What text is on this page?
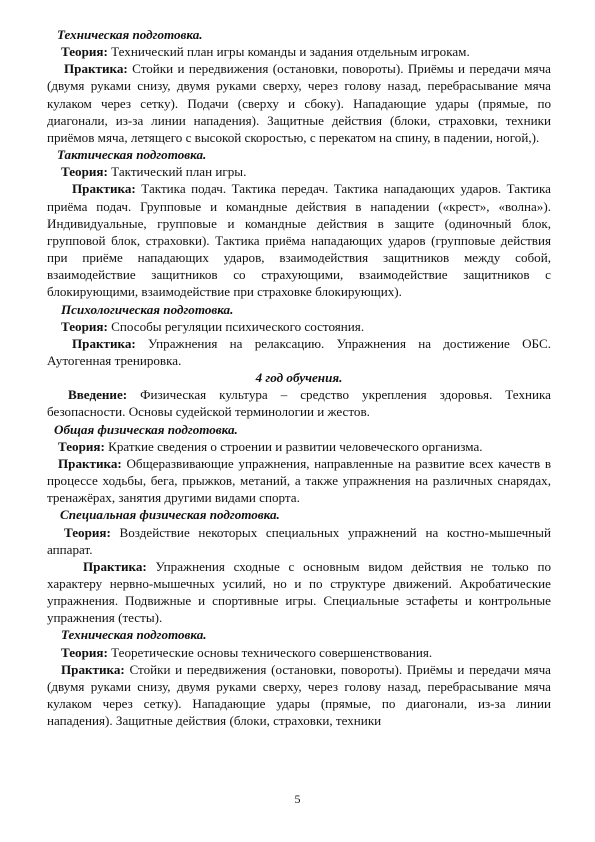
Техническая подготовка.

Теория: Технический план игры команды и задания отдельным игрокам.

Практика: Стойки и передвижения (остановки, повороты). Приёмы и передачи мяча (двумя руками снизу, двумя руками сверху, через голову назад, перебрасывание мяча кулаком через сетку). Подачи (сверху и сбоку). Нападающие удары (прямые, по диагонали, из-за линии нападения). Защитные действия (блоки, страховки, техники приёмов мяча, летящего с высокой скоростью, с перекатом на спину, в падении, ногой,).

Тактическая подготовка.

Теория: Тактический план игры.

Практика: Тактика подач. Тактика передач. Тактика нападающих ударов. Тактика приёма подач. Групповые и командные действия в нападении («крест», «волна»). Индивидуальные, групповые и командные действия в защите (одиночный блок, групповой блок, страховки). Тактика приёма нападающих ударов (групповые действия при приёме нападающих ударов, взаимодействия защитников между собой, взаимодействие защитников со страхующими, взаимодействие защитников с блокирующими, взаимодействие при страховке блокирующих).

Психологическая подготовка.

Теория: Способы регуляции психического состояния.

Практика: Упражнения на релаксацию. Упражнения на достижение ОБС. Аутогенная тренировка.

4 год обучения.

Введение: Физическая культура – средство укрепления здоровья. Техника безопасности. Основы судейской терминологии и жестов.

Общая физическая подготовка.

Теория: Краткие сведения о строении и развитии человеческого организма.

Практика: Общеразвивающие упражнения, направленные на развитие всех качеств в процессе ходьбы, бега, прыжков, метаний, а также упражнения на различных снарядах, тренажёрах, занятия другими видами спорта.

Специальная физическая подготовка.

Теория: Воздействие некоторых специальных упражнений на костно-мышечный аппарат.

Практика: Упражнения сходные с основным видом действия не только по характеру нервно-мышечных усилий, но и по структуре движений. Акробатические упражнения. Подвижные и спортивные игры. Специальные эстафеты и контрольные упражнения (тесты).

Техническая подготовка.

Теория: Теоретические основы технического совершенствования.

Практика: Стойки и передвижения (остановки, повороты). Приёмы и передачи мяча (двумя руками снизу, двумя руками сверху, через голову назад, перебрасывание мяча кулаком через сетку). Нападающие удары (прямые, по диагонали, из-за линии нападения). Защитные действия (блоки, страховки, техники

5
